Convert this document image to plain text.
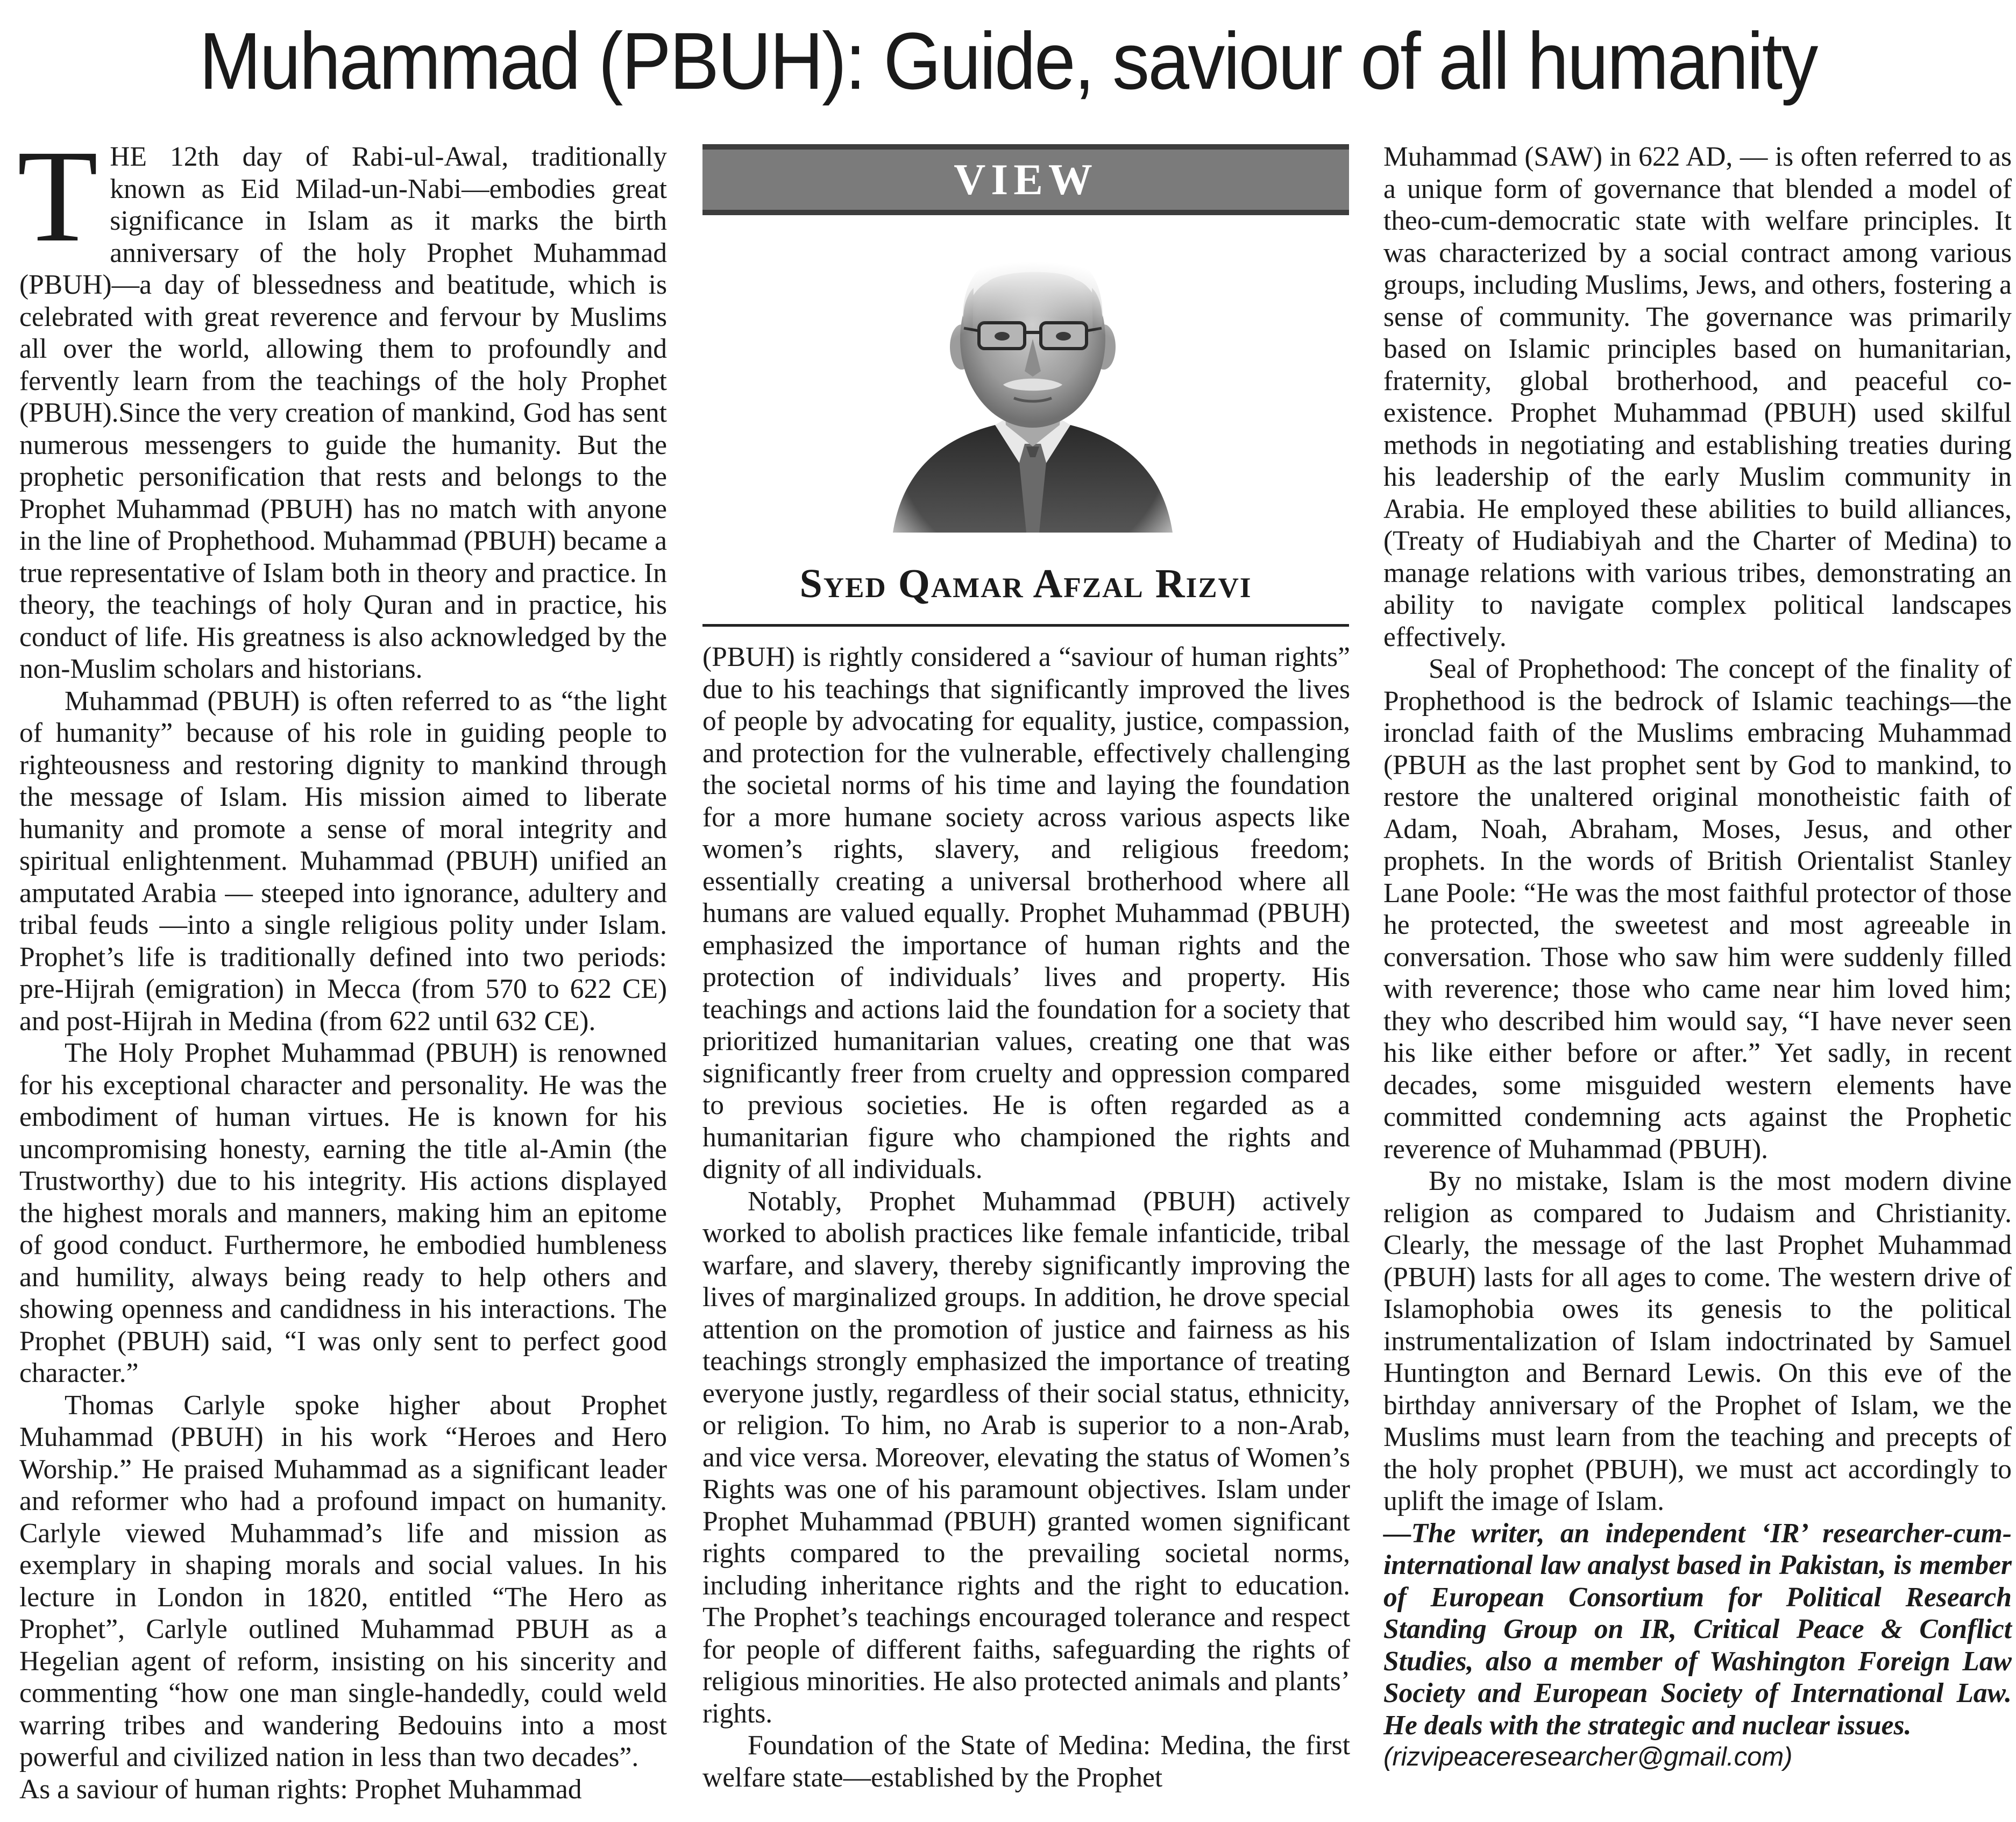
Muhammad (PBUH): Guide, saviour of all humanity

THE 12th day of Rabi-ul-Awal, traditionally known as Eid Milad-un-Nabi—embodies great significance in Islam as it marks the birth anniversary of the holy Prophet Muhammad (PBUH)—a day of blessedness and beatitude, which is celebrated with great reverence and fervour by Muslims all over the world, allowing them to profoundly and fervently learn from the teachings of the holy Prophet (PBUH).Since the very creation of mankind, God has sent numerous messengers to guide the humanity. But the prophetic personification that rests and belongs to the Prophet Muhammad (PBUH) has no match with anyone in the line of Prophethood. Muhammad (PBUH) became a true representative of Islam both in theory and practice. In theory, the teachings of holy Quran and in practice, his conduct of life. His greatness is also acknowledged by the non-Muslim scholars and historians.

Muhammad (PBUH) is often referred to as “the light of humanity” because of his role in guiding people to righteousness and restoring dignity to mankind through the message of Islam. His mission aimed to liberate humanity and promote a sense of moral integrity and spiritual enlightenment. Muhammad (PBUH) unified an amputated Arabia — steeped into ignorance, adultery and tribal feuds —into a single religious polity under Islam. Prophet’s life is traditionally defined into two periods: pre-Hijrah (emigration) in Mecca (from 570 to 622 CE) and post-Hijrah in Medina (from 622 until 632 CE).

The Holy Prophet Muhammad (PBUH) is renowned for his exceptional character and personality. He was the embodiment of human virtues. He is known for his uncompromising honesty, earning the title al-Amin (the Trustworthy) due to his integrity. His actions displayed the highest morals and manners, making him an epitome of good conduct. Furthermore, he embodied humbleness and humility, always being ready to help others and showing openness and candidness in his interactions. The Prophet (PBUH) said, “I was only sent to perfect good character.”

Thomas Carlyle spoke higher about Prophet Muhammad (PBUH) in his work “Heroes and Hero Worship.” He praised Muhammad as a significant leader and reformer who had a profound impact on humanity. Carlyle viewed Muhammad’s life and mission as exemplary in shaping morals and social values. In his lecture in London in 1820, entitled “The Hero as Prophet”, Carlyle outlined Muhammad PBUH as a Hegelian agent of reform, insisting on his sincerity and commenting “how one man single-handedly, could weld warring tribes and wandering Bedouins into a most powerful and civilized nation in less than two decades”.

As a saviour of human rights: Prophet Muhammad

VIEW
Syed Qamar Afzal Rizvi

(PBUH) is rightly considered a “saviour of human rights” due to his teachings that significantly improved the lives of people by advocating for equality, justice, compassion, and protection for the vulnerable, effectively challenging the societal norms of his time and laying the foundation for a more humane society across various aspects like women’s rights, slavery, and religious freedom; essentially creating a universal brotherhood where all humans are valued equally. Prophet Muhammad (PBUH) emphasized the importance of human rights and the protection of individuals’ lives and property. His teachings and actions laid the foundation for a society that prioritized humanitarian values, creating one that was significantly freer from cruelty and oppression compared to previous societies. He is often regarded as a humanitarian figure who championed the rights and dignity of all individuals.

Notably, Prophet Muhammad (PBUH) actively worked to abolish practices like female infanticide, tribal warfare, and slavery, thereby significantly improving the lives of marginalized groups. In addition, he drove special attention on the promotion of justice and fairness as his teachings strongly emphasized the importance of treating everyone justly, regardless of their social status, ethnicity, or religion. To him, no Arab is superior to a non-Arab, and vice versa. Moreover, elevating the status of Women’s Rights was one of his paramount objectives. Islam under Prophet Muhammad (PBUH) granted women significant rights compared to the prevailing societal norms, including inheritance rights and the right to education. The Prophet’s teachings encouraged tolerance and respect for people of different faiths, safeguarding the rights of religious minorities. He also protected animals and plants’ rights.

Foundation of the State of Medina: Medina, the first welfare state—established by the Prophet

Muhammad (SAW) in 622 AD, — is often referred to as a unique form of governance that blended a model of theo-cum-democratic state with welfare principles. It was characterized by a social contract among various groups, including Muslims, Jews, and others, fostering a sense of community. The governance was primarily based on Islamic principles based on humanitarian, fraternity, global brotherhood, and peaceful co-existence. Prophet Muhammad (PBUH) used skilful methods in negotiating and establishing treaties during his leadership of the early Muslim community in Arabia. He employed these abilities to build alliances, (Treaty of Hudiabiyah and the Charter of Medina) to manage relations with various tribes, demonstrating an ability to navigate complex political landscapes effectively.

Seal of Prophethood: The concept of the finality of Prophethood is the bedrock of Islamic teachings—the ironclad faith of the Muslims embracing Muhammad (PBUH as the last prophet sent by God to mankind, to restore the unaltered original monotheistic faith of Adam, Noah, Abraham, Moses, Jesus, and other prophets. In the words of British Orientalist Stanley Lane Poole: “He was the most faithful protector of those he protected, the sweetest and most agreeable in conversation. Those who saw him were suddenly filled with reverence; those who came near him loved him; they who described him would say, “I have never seen his like either before or after.” Yet sadly, in recent decades, some misguided western elements have committed condemning acts against the Prophetic reverence of Muhammad (PBUH).

By no mistake, Islam is the most modern divine religion as compared to Judaism and Christianity. Clearly, the message of the last Prophet Muhammad (PBUH) lasts for all ages to come. The western drive of Islamophobia owes its genesis to the political instrumentalization of Islam indoctrinated by Samuel Huntington and Bernard Lewis. On this eve of the birthday anniversary of the Prophet of Islam, we the Muslims must learn from the teaching and precepts of the holy prophet (PBUH), we must act accordingly to uplift the image of Islam.

—The writer, an independent ‘IR’ researcher-cum-international law analyst based in Pakistan, is member of European Consortium for Political Research Standing Group on IR, Critical Peace & Conflict Studies, also a member of Washington Foreign Law Society and European Society of International Law. He deals with the strategic and nuclear issues.

(rizvipeaceresearcher@gmail.com)
